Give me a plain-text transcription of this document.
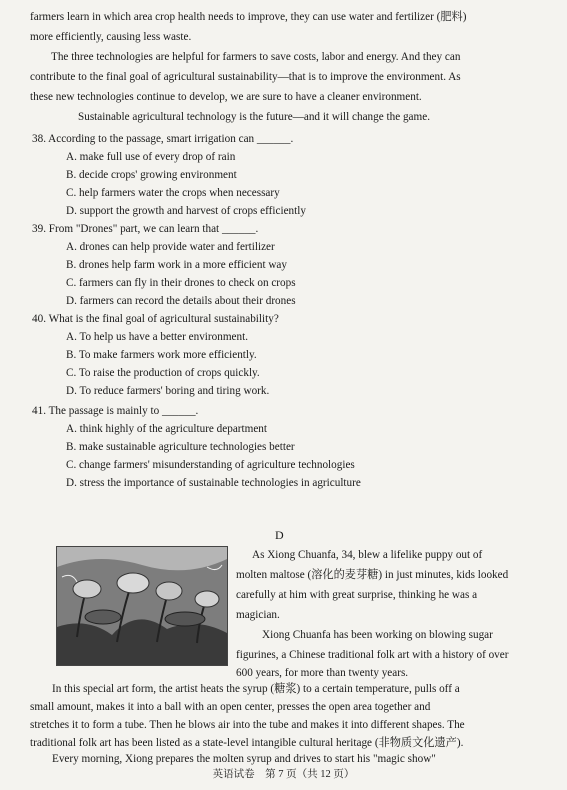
farmers learn in which area crop health needs to improve, they can use water and fertilizer (肥料)
more efficiently, causing less waste.
The three technologies are helpful for farmers to save costs, labor and energy. And they can
contribute to the final goal of agricultural sustainability—that is to improve the environment. As
these new technologies continue to develop, we are sure to have a cleaner environment.
Sustainable agricultural technology is the future—and it will change the game.
38. According to the passage, smart irrigation can ______.
A. make full use of every drop of rain
B. decide crops' growing environment
C. help farmers water the crops when necessary
D. support the growth and harvest of crops efficiently
39. From "Drones" part, we can learn that ______.
A. drones can help provide water and fertilizer
B. drones help farm work in a more efficient way
C. farmers can fly in their drones to check on crops
D. farmers can record the details about their drones
40. What is the final goal of agricultural sustainability?
A. To help us have a better environment.
B. To make farmers work more efficiently.
C. To raise the production of crops quickly.
D. To reduce farmers' boring and tiring work.
41. The passage is mainly to ______.
A. think highly of the agriculture department
B. make sustainable agriculture technologies better
C. change farmers' misunderstanding of agriculture technologies
D. stress the importance of sustainable technologies in agriculture
D
As Xiong Chuanfa, 34, blew a lifelike puppy out of
molten maltose (溶化的麦芽糖) in just minutes, kids looked
carefully at him with great surprise, thinking he was a
magician.
Xiong Chuanfa has been working on blowing sugar
figurines, a Chinese traditional folk art with a history of over
600 years, for more than twenty years.
In this special art form, the artist heats the syrup (糖浆) to a certain temperature, pulls off a
small amount, makes it into a ball with an open center, presses the open area together and
stretches it to form a tube. Then he blows air into the tube and makes it into different shapes. The
traditional folk art has been listed as a state-level intangible cultural heritage (非物质文化遗产).
Every morning, Xiong prepares the molten syrup and drives to start his "magic show"
英语试卷　第 7 页（共 12 页）
